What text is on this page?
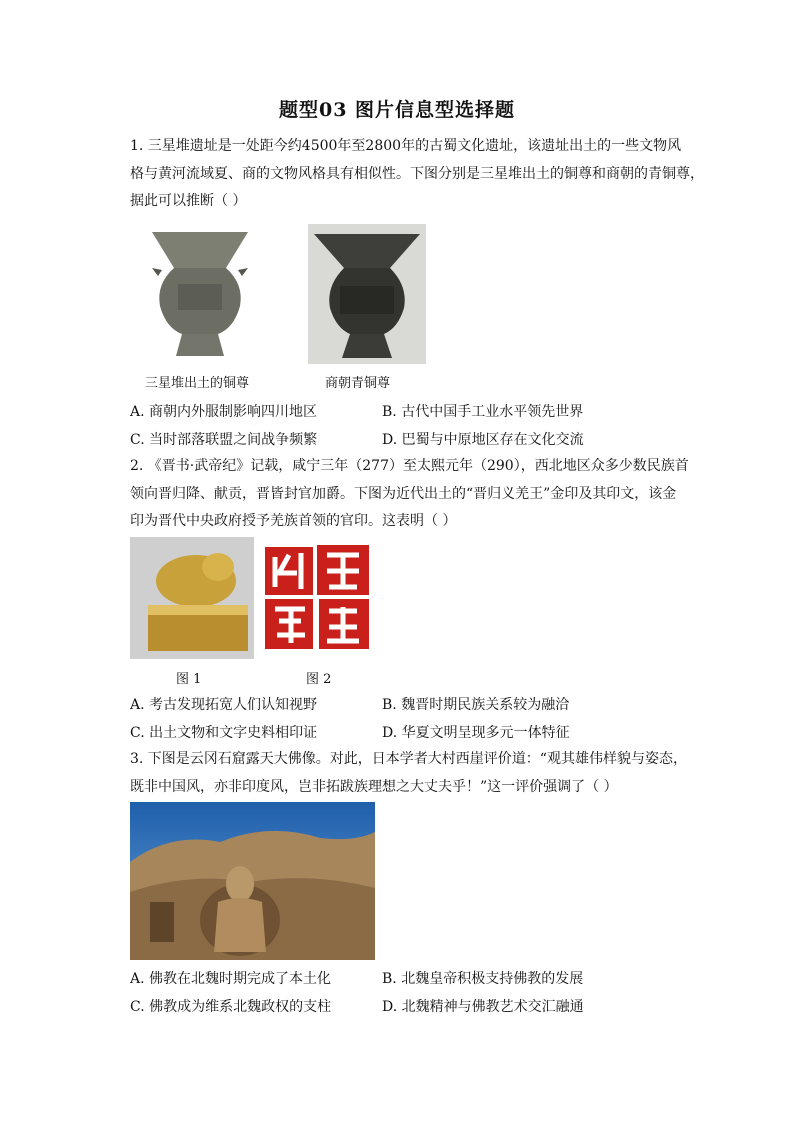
题型03 图片信息型选择题
1. 三星堆遗址是一处距今约4500年至2800年的古蜀文化遗址，该遗址出土的一些文物风
格与黄河流域夏、商的文物风格具有相似性。下图分别是三星堆出土的铜尊和商朝的青铜尊，
据此可以推断（ ）
三星堆出土的铜尊	商朝青铜尊
A. 商朝内外服制影响四川地区	B. 古代中国手工业水平领先世界
C. 当时部落联盟之间战争频繁	D. 巴蜀与中原地区存在文化交流
2. 《晋书·武帝纪》记载，咸宁三年（277）至太熙元年（290），西北地区众多少数民族首
领向晋归降、献贡，晋皆封官加爵。下图为近代出土的“晋归义羌王”金印及其印文，该金
印为晋代中央政府授予羌族首领的官印。这表明（ ）
图 1	图 2
A. 考古发现拓宽人们认知视野	B. 魏晋时期民族关系较为融洽
C. 出土文物和文字史料相印证	D. 华夏文明呈现多元一体特征
3. 下图是云冈石窟露天大佛像。对此，日本学者大村西崖评价道：“观其雄伟样貌与姿态，
既非中国风，亦非印度风，岂非拓跋族理想之大丈夫乎！”这一评价强调了（ ）
A. 佛教在北魏时期完成了本土化	B. 北魏皇帝积极支持佛教的发展
C. 佛教成为维系北魏政权的支柱	D. 北魏精神与佛教艺术交汇融通
